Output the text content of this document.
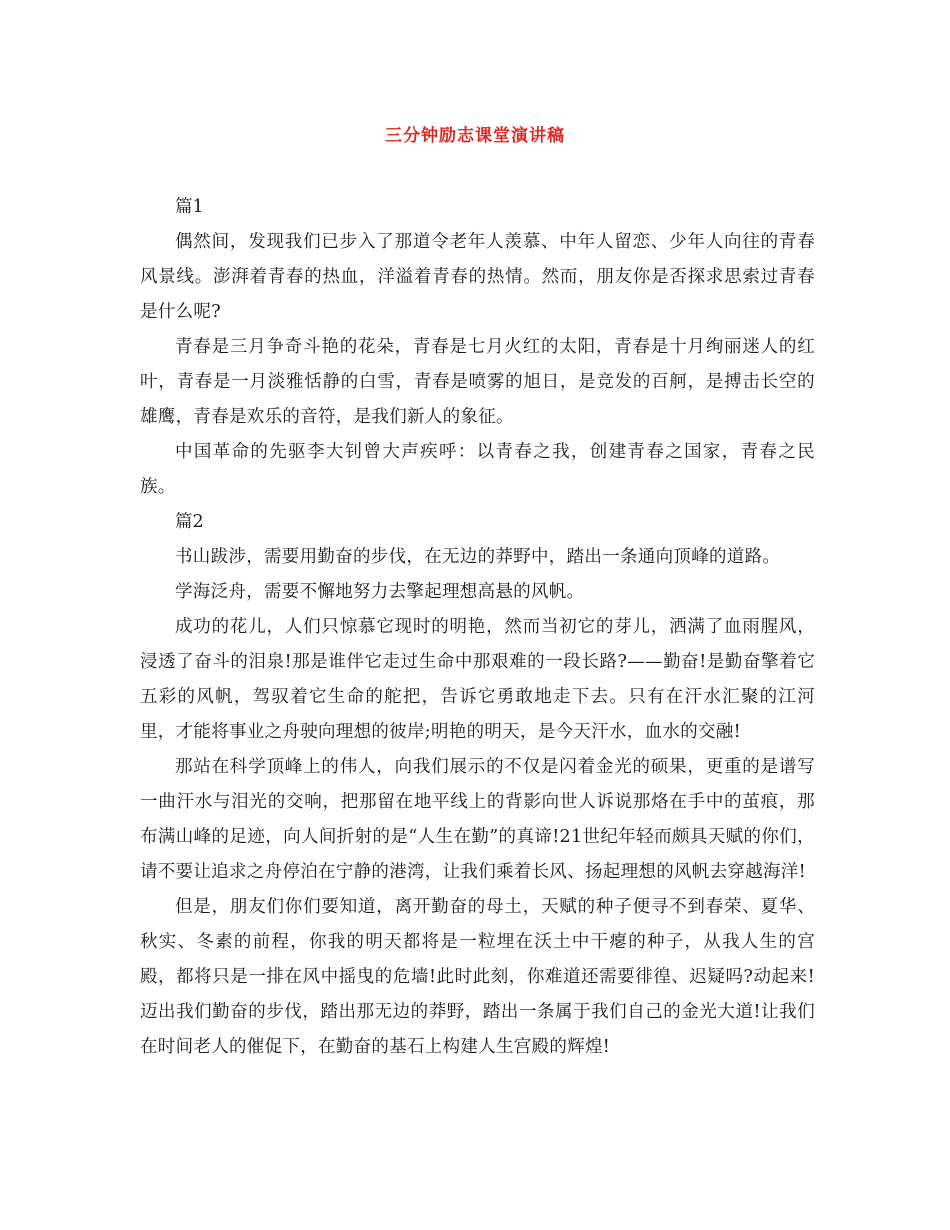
三分钟励志课堂演讲稿

篇1

偶然间，发现我们已步入了那道令老年人羡慕、中年人留恋、少年人向往的青春风景线。澎湃着青春的热血，洋溢着青春的热情。然而，朋友你是否探求思索过青春是什么呢?

青春是三月争奇斗艳的花朵，青春是七月火红的太阳，青春是十月绚丽迷人的红叶，青春是一月淡雅恬静的白雪，青春是喷雾的旭日，是竞发的百舸，是搏击长空的雄鹰，青春是欢乐的音符，是我们新人的象征。

中国革命的先驱李大钊曾大声疾呼：以青春之我，创建青春之国家，青春之民族。

篇2

书山跋涉，需要用勤奋的步伐，在无边的莽野中，踏出一条通向顶峰的道路。

学海泛舟，需要不懈地努力去擎起理想高悬的风帆。

成功的花儿，人们只惊慕它现时的明艳，然而当初它的芽儿，洒满了血雨腥风，浸透了奋斗的泪泉!那是谁伴它走过生命中那艰难的一段长路?——勤奋!是勤奋擎着它五彩的风帆，驾驭着它生命的舵把，告诉它勇敢地走下去。只有在汗水汇聚的江河里，才能将事业之舟驶向理想的彼岸;明艳的明天，是今天汗水，血水的交融!

那站在科学顶峰上的伟人，向我们展示的不仅是闪着金光的硕果，更重的是谱写一曲汗水与泪光的交响，把那留在地平线上的背影向世人诉说那烙在手中的茧痕，那布满山峰的足迹，向人间折射的是“人生在勤”的真谛!21世纪年轻而颇具天赋的你们，请不要让追求之舟停泊在宁静的港湾，让我们乘着长风、扬起理想的风帆去穿越海洋!

但是，朋友们你们要知道，离开勤奋的母土，天赋的种子便寻不到春荣、夏华、秋实、冬素的前程，你我的明天都将是一粒埋在沃土中干瘪的种子，从我人生的宫殿，都将只是一排在风中摇曳的危墙!此时此刻，你难道还需要徘徨、迟疑吗?动起来!迈出我们勤奋的步伐，踏出那无边的莽野，踏出一条属于我们自己的金光大道!让我们在时间老人的催促下，在勤奋的基石上构建人生宫殿的辉煌!
